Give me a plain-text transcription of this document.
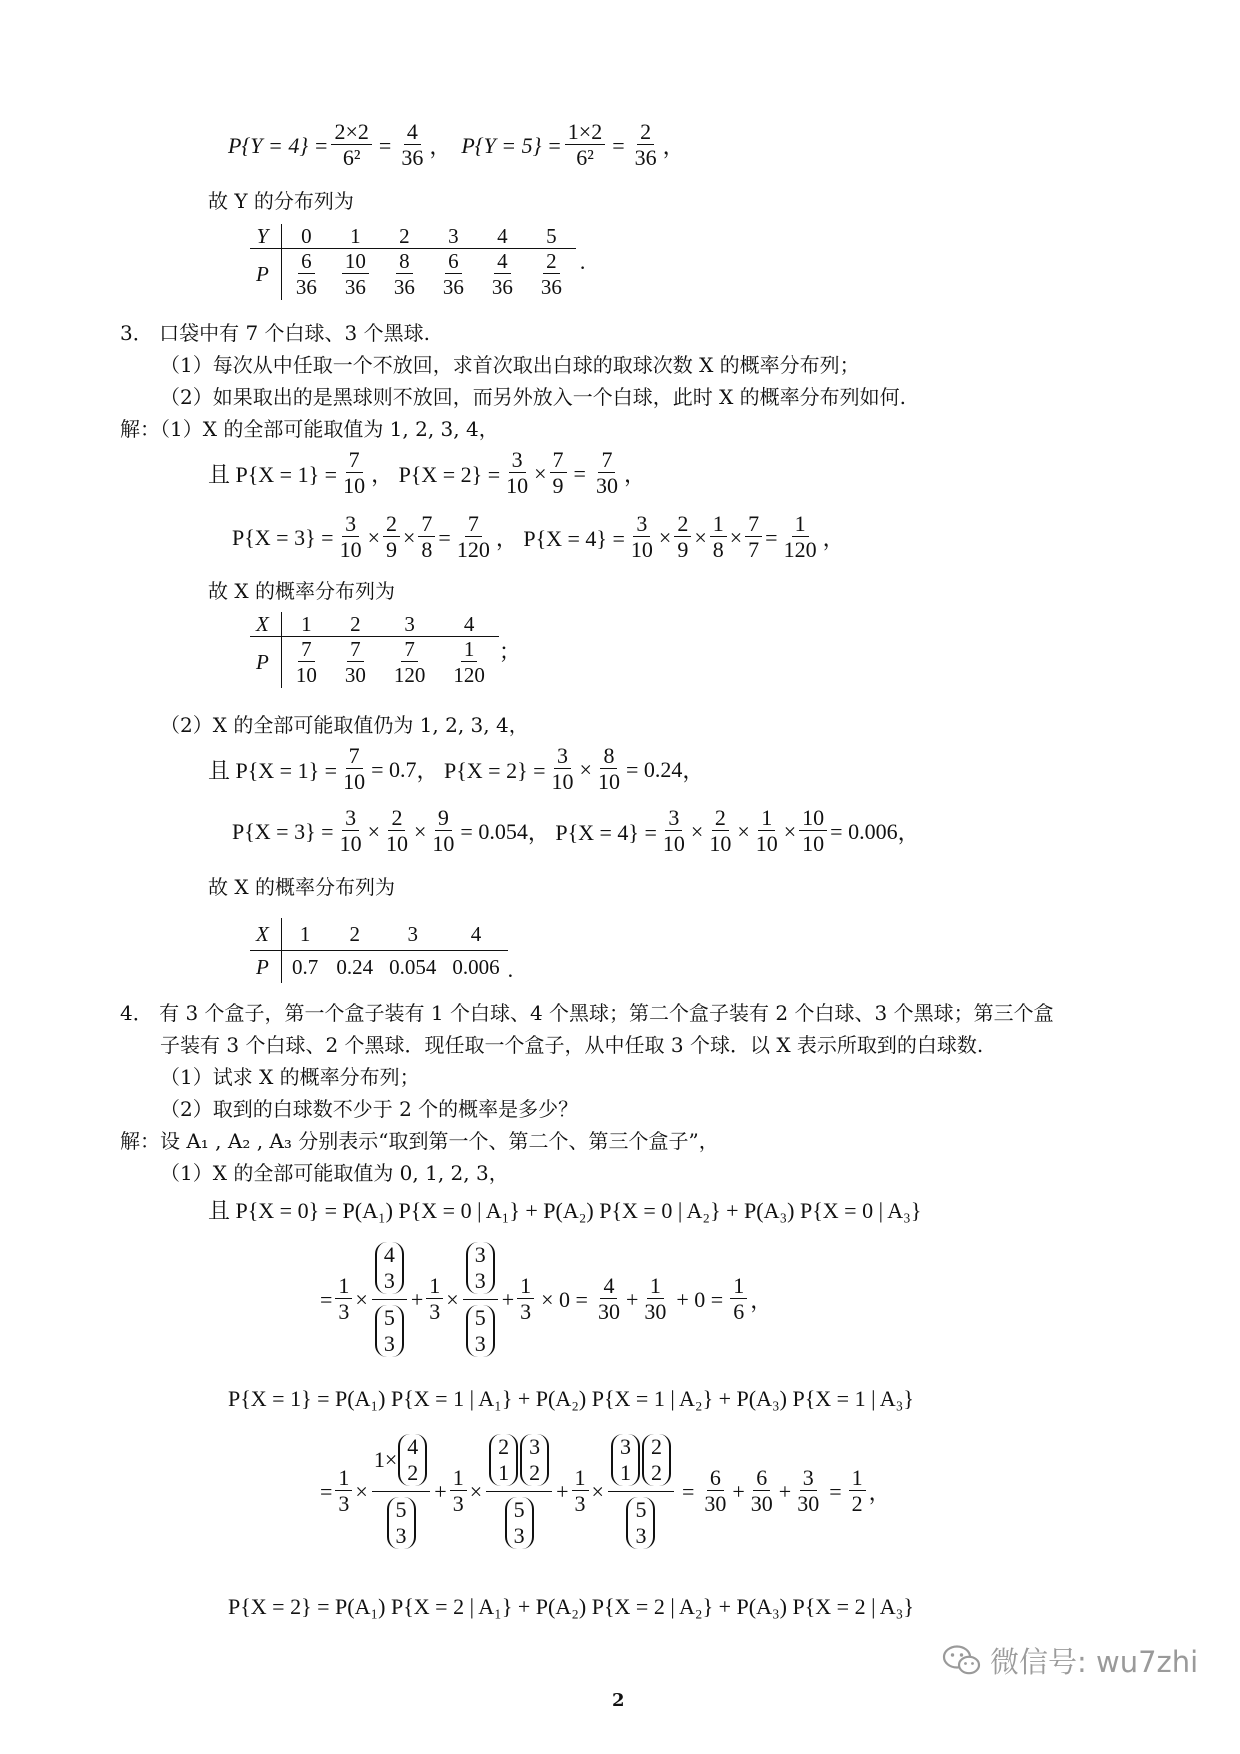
$P\{Y = 4\} = \frac{2\times 2}{\text{6²}} = \frac{4}{36}$ ， $P\{Y = 5\} = \frac{1\times 2}{\text{6²}} = \frac{2}{36}$ ，
故 Y 的分布列为
Y	0	1	2	3	4	5
P	$\frac{6}{36}$	$\frac{10}{36}$	$\frac{8}{36}$	$\frac{6}{36}$	$\frac{4}{36}$	$\frac{2}{36}$ .
3． 口袋中有 7 个白球、3 个黑球.
（1）每次从中任取一个不放回，求首次取出白球的取球次数 X 的概率分布列；
（2）如果取出的是黑球则不放回，而另外放入一个白球，此时 X 的概率分布列如何.
解：（1）X 的全部可能取值为 1, 2, 3, 4，
且 $P\{X = 1\} = \frac{7}{10}$ ， $P\{X = 2\} = \frac{3}{10} \times \frac{7}{9} = \frac{7}{30}$ ，
$P\{X = 3\} = \frac{3}{10} \times \frac{2}{9} \times \frac{7}{8} = \frac{7}{120}$ ， $P\{X = 4\} = \frac{3}{10} \times \frac{2}{9} \times \frac{1}{8} \times \frac{7}{7} = \frac{1}{120}$ ，
故 X 的概率分布列为
X	1	2	3	4
P	$\frac{7}{10}$	$\frac{7}{30}$	$\frac{7}{120}$	$\frac{1}{120}$ ；
（2）X 的全部可能取值仍为 1, 2, 3, 4，
且 $P\{X = 1\} = \frac{7}{10} = 0.7$ ， $P\{X = 2\} = \frac{3}{10} \times \frac{8}{10} = 0.24$ ，
$P\{X = 3\} = \frac{3}{10} \times \frac{2}{10} \times \frac{9}{10} = 0.054$ ， $P\{X = 4\} = \frac{3}{10} \times \frac{2}{10} \times \frac{1}{10} \times \frac{10}{10} = 0.006$ ，
故 X 的概率分布列为
X	1	2	3	4
P	0.7	0.24	0.054	0.006 .
4． 有 3 个盒子，第一个盒子装有 1 个白球、4 个黑球；第二个盒子装有 2 个白球、3 个黑球；第三个盒
子装有 3 个白球、2 个黑球．现任取一个盒子，从中任取 3 个球．以 X 表示所取到的白球数.
（1）试求 X 的概率分布列；
（2）取到的白球数不少于 2 个的概率是多少？
解：设 A₁ , A₂ , A₃ 分别表示“取到第一个、第二个、第三个盒子”，
（1）X 的全部可能取值为 0, 1, 2, 3，
且 P{X = 0} = P(A₁) P{X = 0 | A₁} + P(A₂) P{X = 0 | A₂} + P(A₃) P{X = 0 | A₃}
= $\frac{1}{3} \times 4$
3
5
$3 + \frac{1}{3} \times 3$
3
5
$3 + \frac{1}{3} \times 0 = \frac{4}{30} + \frac{1}{30} + 0 = \frac{1}{6}$ ，
P{X = 1} = P(A₁) P{X = 1 | A₁} + P(A₂) P{X = 1 | A₂} + P(A₃) P{X = 1 | A₃}
= $\frac{1}{3} \times 1\times$
4
2
5
$3 + \frac{1}{3} \times 2$
1
3
2
5
$3 + \frac{1}{3} \times 3$
1
2
2
5
$3 = \frac{6}{30} + \frac{6}{30} + \frac{3}{30} = \frac{1}{2}$ ，
P{X = 2} = P(A₁) P{X = 2 | A₁} + P(A₂) P{X = 2 | A₂} + P(A₃) P{X = 2 | A₃}
2
微信号: wu7zhi
